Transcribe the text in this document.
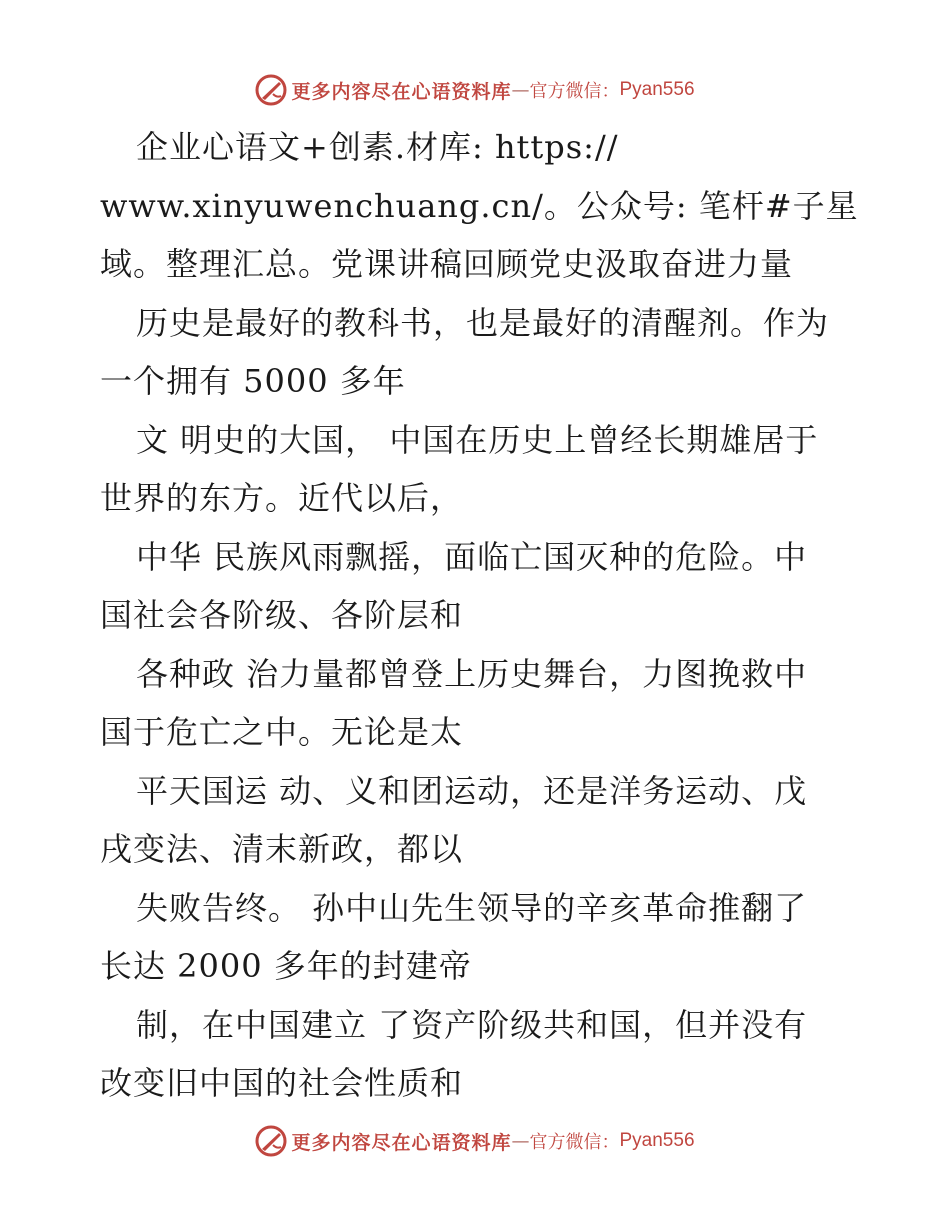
更多内容尽在心语资料库 — 官方微信： Pyan556
企业心语文+创素.材库: https://
www.xinyuwenchuang.cn/。公众号: 笔杆#子星
域。整理汇总。党课讲稿回顾党史汲取奋进力量
历史是最好的教科书，也是最好的清醒剂。作为
一个拥有 5000 多年
文 明史的大国， 中国在历史上曾经长期雄居于
世界的东方。近代以后，
中华 民族风雨飘摇，面临亡国灭种的危险。中
国社会各阶级、各阶层和
各种政 治力量都曾登上历史舞台，力图挽救中
国于危亡之中。无论是太
平天国运 动、义和团运动，还是洋务运动、戊
戌变法、清末新政，都以
失败告终。 孙中山先生领导的辛亥革命推翻了
长达 2000 多年的封建帝
制，在中国建立 了资产阶级共和国，但并没有
改变旧中国的社会性质和
更多内容尽在心语资料库 — 官方微信： Pyan556
